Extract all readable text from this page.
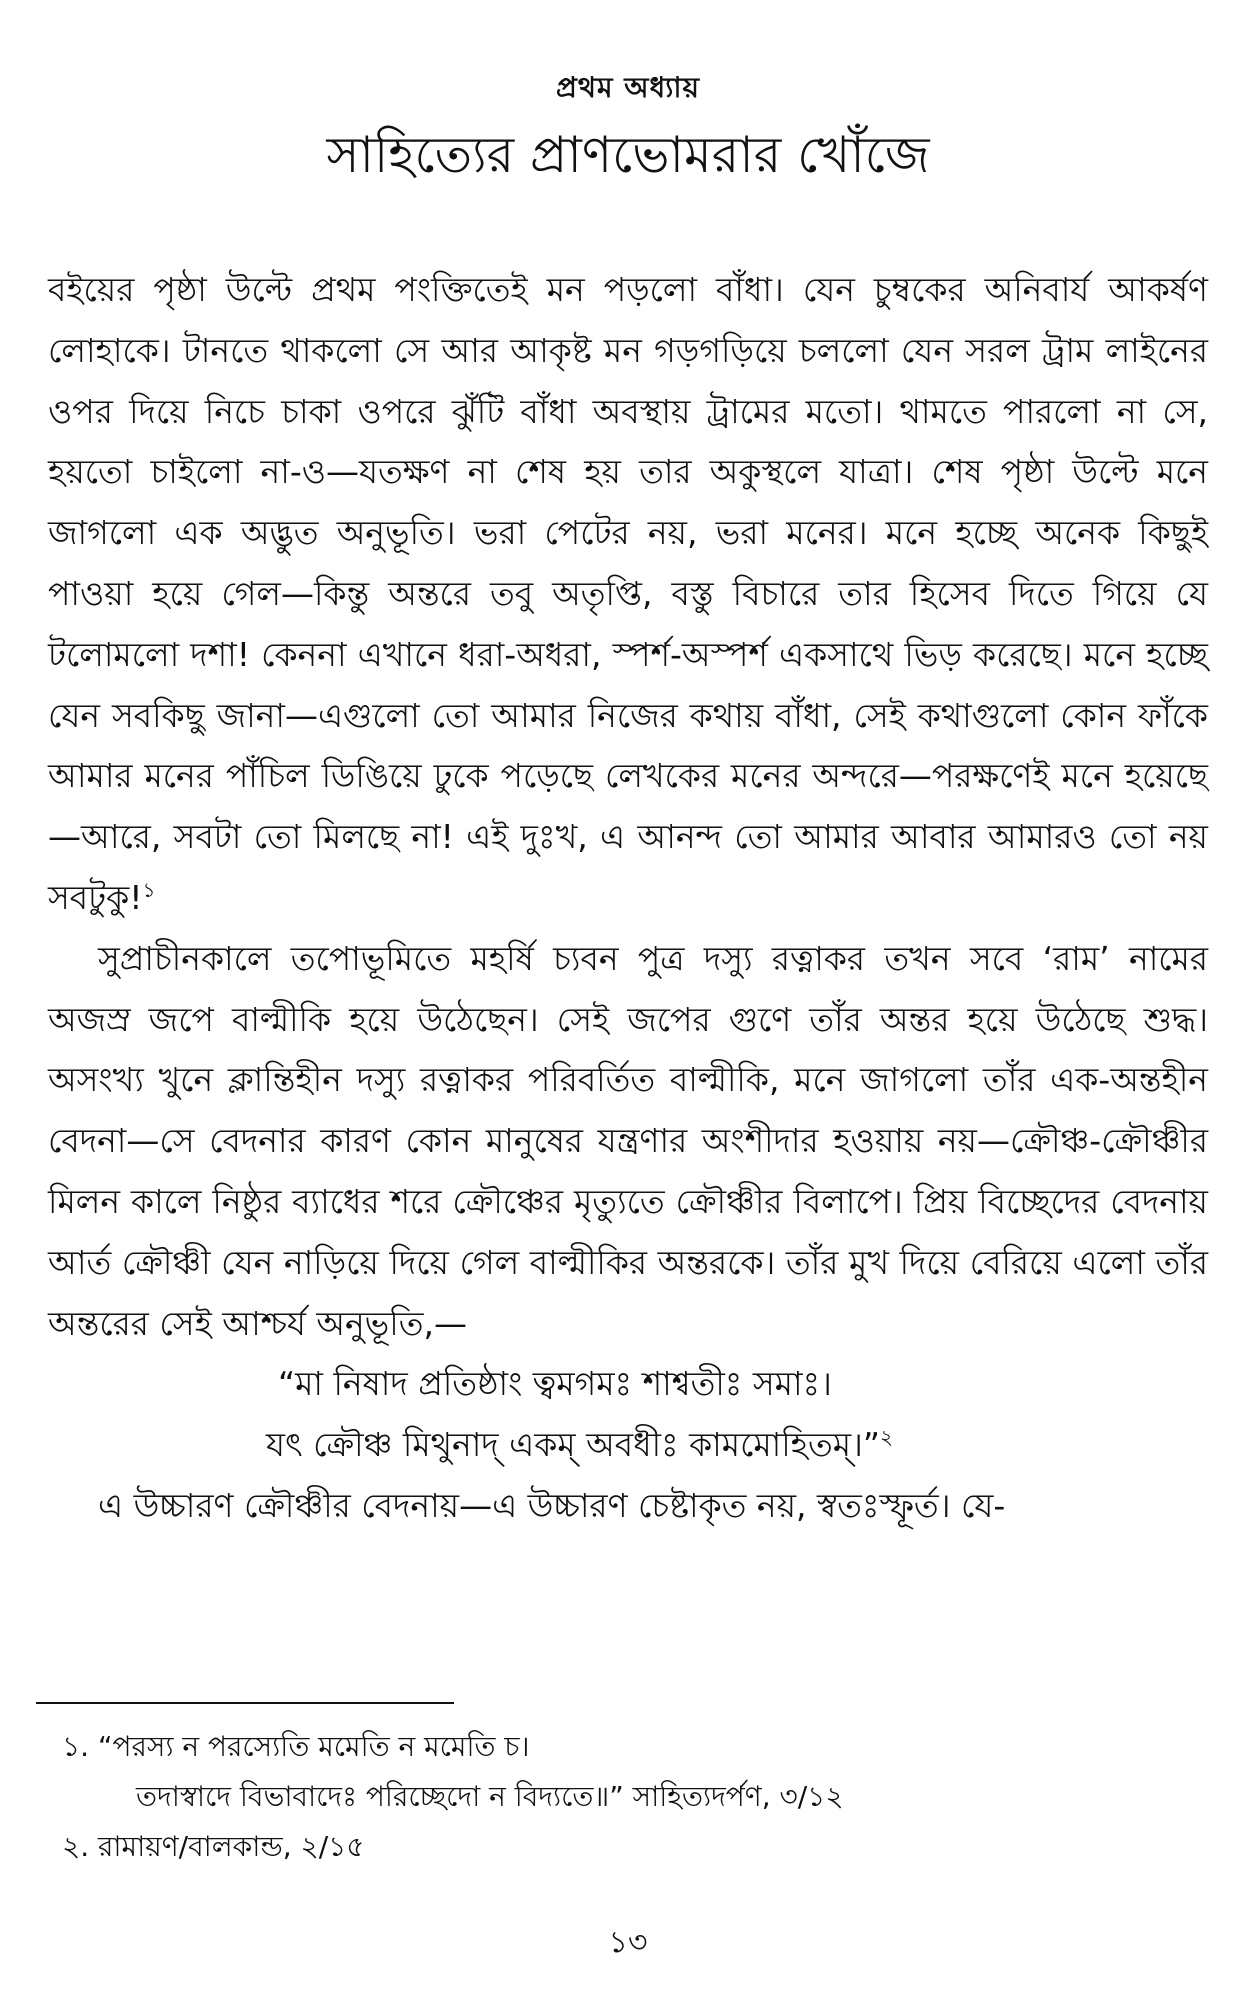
প্রথম অধ্যায়
সাহিত্যের প্রাণভোমরার খোঁজে

বইয়ের পৃষ্ঠা উল্টে প্রথম পংক্তিতেই মন পড়লো বাঁধা। যেন চুম্বকের অনিবার্য আকর্ষণ লোহাকে। টানতে থাকলো সে আর আকৃষ্ট মন গড়গড়িয়ে চললো যেন সরল ট্রাম লাইনের ওপর দিয়ে নিচে চাকা ওপরে ঝুঁটি বাঁধা অবস্থায় ট্রামের মতো। থামতে পারলো না সে, হয়তো চাইলো না-ও—যতক্ষণ না শেষ হয় তার অকুস্থলে যাত্রা। শেষ পৃষ্ঠা উল্টে মনে জাগলো এক অদ্ভুত অনুভূতি। ভরা পেটের নয়, ভরা মনের। মনে হচ্ছে অনেক কিছুই পাওয়া হয়ে গেল—কিন্তু অন্তরে তবু অতৃপ্তি, বস্তু বিচারে তার হিসেব দিতে গিয়ে যে টলোমলো দশা! কেননা এখানে ধরা-অধরা, স্পর্শ-অস্পর্শ একসাথে ভিড় করেছে। মনে হচ্ছে যেন সবকিছু জানা—এগুলো তো আমার নিজের কথায় বাঁধা, সেই কথাগুলো কোন ফাঁকে আমার মনের পাঁচিল ডিঙিয়ে ঢুকে পড়েছে লেখকের মনের অন্দরে—পরক্ষণেই মনে হয়েছে—আরে, সবটা তো মিলছে না! এই দুঃখ, এ আনন্দ তো আমার আবার আমারও তো নয় সবটুকু!$^১$

সুপ্রাচীনকালে তপোভূমিতে মহর্ষি চ্যবন পুত্র দস্যু রত্নাকর তখন সবে ‘রাম’ নামের অজস্র জপে বাল্মীকি হয়ে উঠেছেন। সেই জপের গুণে তাঁর অন্তর হয়ে উঠেছে শুদ্ধ। অসংখ্য খুনে ক্লান্তিহীন দস্যু রত্নাকর পরিবর্তিত বাল্মীকি, মনে জাগলো তাঁর এক-অন্তহীন বেদনা—সে বেদনার কারণ কোন মানুষের যন্ত্রণার অংশীদার হওয়ায় নয়—ক্রৌঞ্চ-ক্রৌঞ্চীর মিলন কালে নিষ্ঠুর ব্যাধের শরে ক্রৌঞ্চের মৃত্যুতে ক্রৌঞ্চীর বিলাপে। প্রিয় বিচ্ছেদের বেদনায় আর্ত ক্রৌঞ্চী যেন নাড়িয়ে দিয়ে গেল বাল্মীকির অন্তরকে। তাঁর মুখ দিয়ে বেরিয়ে এলো তাঁর অন্তরের সেই আশ্চর্য অনুভূতি,—

“মা নিষাদ প্রতিষ্ঠাং ত্বমগমঃ শাশ্বতীঃ সমাঃ।
যৎ ক্রৌঞ্চ মিথুনাদ্ একম্ অবধীঃ কামমোহিতম্।”$^২$

এ উচ্চারণ ক্রৌঞ্চীর বেদনায়—এ উচ্চারণ চেষ্টাকৃত নয়, স্বতঃস্ফূর্ত। যে-

১. “পরস্য ন পরস্যেতি মমেতি ন মমেতি চ।
তদাস্বাদে বিভাবাদেঃ পরিচ্ছেদো ন বিদ্যতে॥” সাহিত্যদর্পণ, ৩/১২
২. রামায়ণ/বালকান্ড, ২/১৫
১৩
